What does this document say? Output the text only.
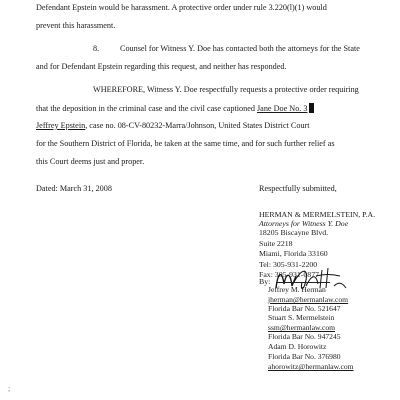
Defendant Epstein would be harassment. A protective order under rule 3.220(l)(1) would
prevent this harassment.
8.	Counsel for Witness Y. Doe has contacted both the attorneys for the State
and for Defendant Epstein regarding this request, and neither has responded.
WHEREFORE, Witness Y. Doe respectfully requests a protective order requiring
that the deposition in the criminal case and the civil case captioned Jane Doe No. 3
Jeffrey Epstein, case no. 08-CV-80232-Marra/Johnson, United States District Court
for the Southern District of Florida, be taken at the same time, and for such further relief as
this Court deems just and proper.
Dated: March 31, 2008	Respectfully submitted,
HERMAN & MERMELSTEIN, P.A.
Attorneys for Witness Y. Doe
18205 Biscayne Blvd.
Suite 2218
Miami, Florida 33160
Tel: 305-931-2200
Fax: 305-931-0877
By:
Jeffrey M. Herman
jherman@hermanlaw.com
Florida Bar No. 521647
Stuart S. Mermelstein
ssm@hermanlaw.com
Florida Bar No. 947245
Adam D. Horowitz
Florida Bar No. 376980
ahorowitz@hermanlaw.com
;
